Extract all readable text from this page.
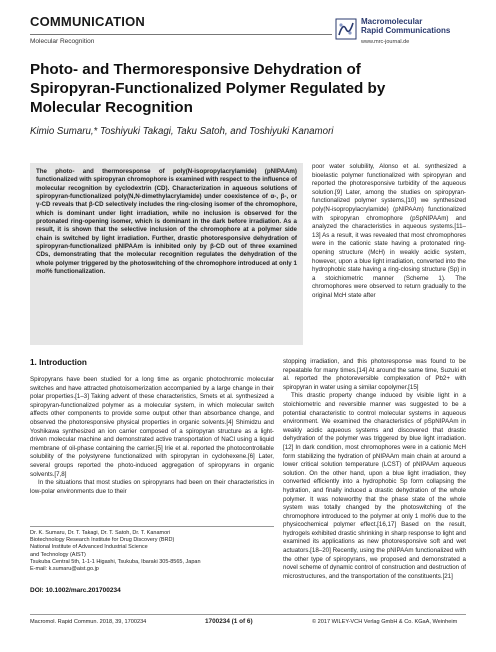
COMMUNICATION
Molecular Recognition
Macromolecular
Rapid Communications
www.mrc-journal.de
Photo- and Thermoresponsive Dehydration of Spiropyran-Functionalized Polymer Regulated by Molecular Recognition
Kimio Sumaru,* Toshiyuki Takagi, Taku Satoh, and Toshiyuki Kanamori

The photo- and thermoresponse of poly(N-isopropylacrylamide) (pNIPAAm) functionalized with spiropyran chromophore is examined with respect to the influence of molecular recognition by cyclodextrin (CD). Characterization in aqueous solutions of spiropyran-functionalized poly(N,N-dimethylacrylamide) under coexistence of α-, β-, or γ-CD reveals that β-CD selectively includes the ring-closing isomer of the chromophore, which is dominant under light irradiation, while no inclusion is observed for the protonated ring-opening isomer, which is dominant in the dark before irradiation. As a result, it is shown that the selective inclusion of the chromophore at a polymer side chain is switched by light irradiation. Further, drastic photoresponsive dehydration of spiropyran-functionalized pNIPAAm is inhibited only by β-CD out of three examined CDs, demonstrating that the molecular recognition regulates the dehydration of the whole polymer triggered by the photoswitching of the chromophore introduced at only 1 mol% functionalization.

poor water solubility, Alonso et al. synthesized a bioelastic polymer functionalized with spiropyran and reported the photoresponsive turbidity of the aqueous solution.[9] Later, among the studies on spiropyran-functionalized polymer systems,[10] we synthesized poly(N-isopropylacrylamide) (pNIPAAm) functionalized with spiropyran chromophore (pSpNIPAAm) and analyzed the characteristics in aqueous systems.[11–13] As a result, it was revealed that most chromophores were in the cationic state having a protonated ring-opening structure (McH) in weakly acidic system, however, upon a blue light irradiation, converted into the hydrophobic state having a ring-closing structure (Sp) in a stoichiometric manner (Scheme 1). The chromophores were observed to return gradually to the original McH state after

1. Introduction

Spiropyrans have been studied for a long time as organic photochromic molecular switches and have attracted photoisomerization accompanied by a large change in their polar properties.[1–3] Taking advent of these characteristics, Smets et al. synthesized a spiropyran-functionalized polymer as a molecular system, in which molecular switch affects other components to provide some output other than absorbance change, and observed the photoresponsive physical properties in organic solvents.[4] Shimidzu and Yoshikawa synthesized an ion carrier composed of a spiropyran structure as a light-driven molecular machine and demonstrated active transportation of NaCl using a liquid membrane of oil-phase containing the carrier.[5] Irie et al. reported the photocontrollable solubility of the polystyrene functionalized with spiropyran in cyclohexene.[6] Later, several groups reported the photo-induced aggregation of spiropyrans in organic solvents.[7,8]

In the situations that most studies on spiropyrans had been on their characteristics in low-polar environments due to their

Dr. K. Sumaru, Dr. T. Takagi, Dr. T. Satoh, Dr. T. Kanamori
Biotechnology Research Institute for Drug Discovery (BRD)
National Institute of Advanced Industrial Science
and Technology (AIST)
Tsukuba Central 5th, 1-1-1 Higashi, Tsukuba, Ibaraki 305-8565, Japan
E-mail: k.sumaru@aist.go.jp
DOI: 10.1002/marc.201700234

stopping irradiation, and this photoresponse was found to be repeatable for many times.[14] At around the same time, Suzuki et al. reported the photoreversible complexation of Pb2+ with spiropyran in water using a similar copolymer.[15]

This drastic property change induced by visible light in a stoichiometric and reversible manner was suggested to be a potential characteristic to control molecular systems in aqueous environment. We examined the characteristics of pSpNIPAAm in weakly acidic aqueous systems and discovered that drastic dehydration of the polymer was triggered by blue light irradiation.[12] In dark condition, most chromophores were in a cationic McH form stabilizing the hydration of pNIPAAm main chain at around a lower critical solution temperature (LCST) of pNIPAAm aqueous solution. On the other hand, upon a blue light irradiation, they converted efficiently into a hydrophobic Sp form collapsing the hydration, and finally induced a drastic dehydration of the whole polymer. It was noteworthy that the phase state of the whole system was totally changed by the photoswitching of the chromophore introduced to the polymer at only 1 mol% due to the physicochemical polymer effect.[16,17] Based on the result, hydrogels exhibited drastic shrinking in sharp response to light and examined its applications as new photoresponsive soft and wet actuators.[18–20] Recently, using the pNIPAAm functionalized with the other type of spiropyrans, we proposed and demonstrated a novel scheme of dynamic control of construction and destruction of microstructures, and the transportation of the constituents.[21]

Macromol. Rapid Commun. 2018, 39, 1700234	1700234 (1 of 6)	© 2017 WILEY-VCH Verlag GmbH & Co. KGaA, Weinheim
